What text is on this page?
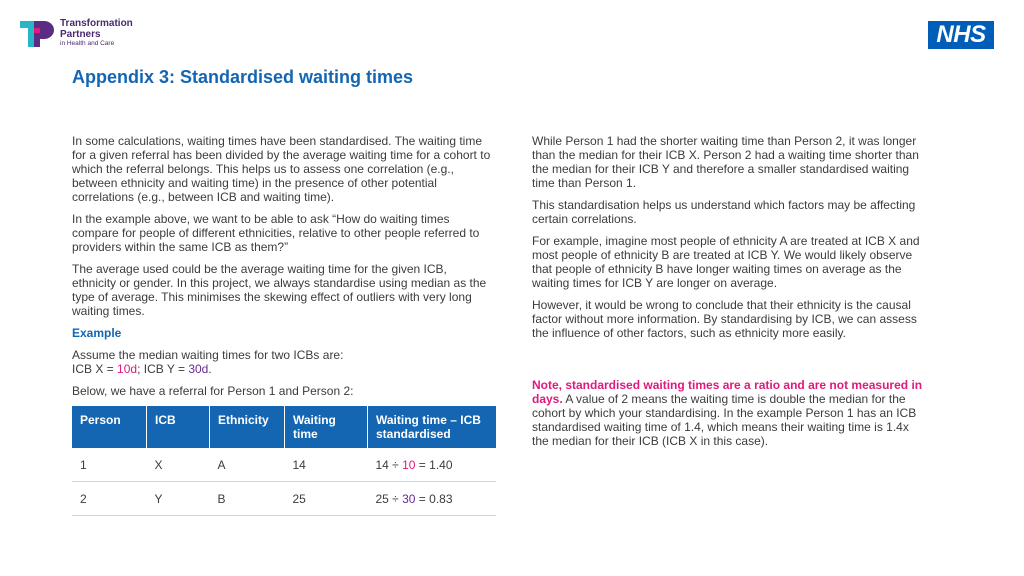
Transformation
Partners
in Health and Care	NHS
Appendix 3: Standardised waiting times

In some calculations, waiting times have been standardised. The waiting time for a given referral has been divided by the average waiting time for a cohort to which the referral belongs. This helps us to assess one correlation (e.g., between ethnicity and waiting time) in the presence of other potential correlations (e.g., between ICB and waiting time).

In the example above, we want to be able to ask “How do waiting times compare for people of different ethnicities, relative to other people referred to providers within the same ICB as them?”

The average used could be the average waiting time for the given ICB, ethnicity or gender. In this project, we always standardise using median as the type of average. This minimises the skewing effect of outliers with very long waiting times.

Example

Assume the median waiting times for two ICBs are:
ICB X = 10d; ICB Y = 30d.

Below, we have a referral for Person 1 and Person 2:

Person	ICB	Ethnicity	Waiting time	Waiting time – ICB standardised
1	X	A	14	14 ÷ 10 = 1.40
2	Y	B	25	25 ÷ 30 = 0.83

While Person 1 had the shorter waiting time than Person 2, it was longer than the median for their ICB X. Person 2 had a waiting time shorter than the median for their ICB Y and therefore a smaller standardised waiting time than Person 1.

This standardisation helps us understand which factors may be affecting certain correlations.

For example, imagine most people of ethnicity A are treated at ICB X and most people of ethnicity B are treated at ICB Y. We would likely observe that people of ethnicity B have longer waiting times on average as the waiting times for ICB Y are longer on average.

However, it would be wrong to conclude that their ethnicity is the causal factor without more information. By standardising by ICB, we can assess the influence of other factors, such as ethnicity more easily.

Note, standardised waiting times are a ratio and are not measured in days. A value of 2 means the waiting time is double the median for the cohort by which your standardising. In the example Person 1 has an ICB standardised waiting time of 1.4, which means their waiting time is 1.4x the median for their ICB (ICB X in this case).
